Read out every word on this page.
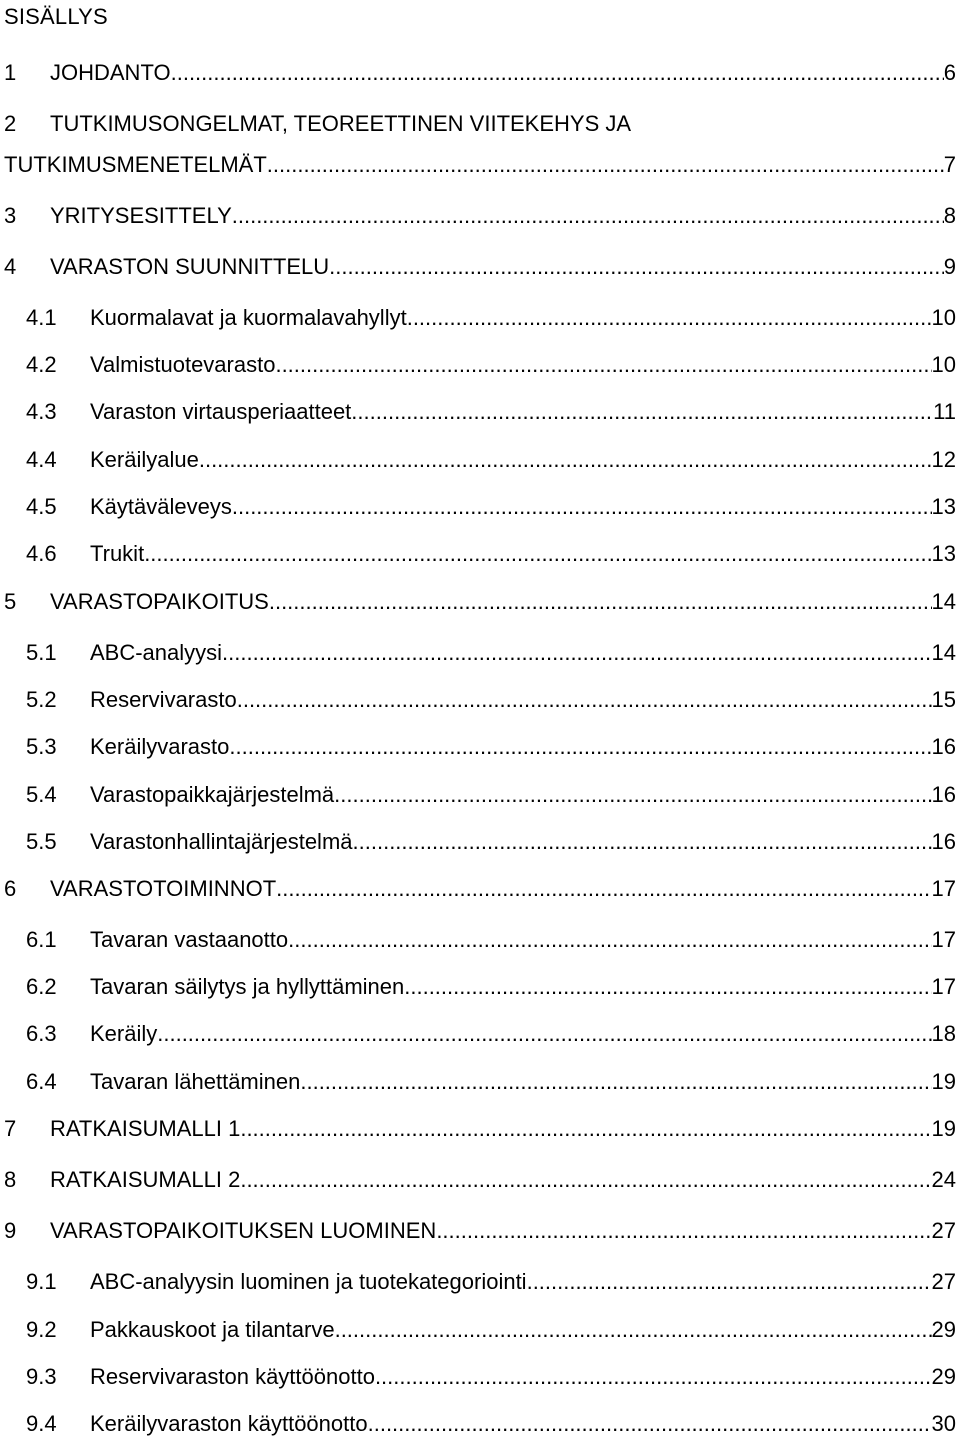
SISÄLLYS
1 JOHDANTO .....	6
2 TUTKIMUSONGELMAT, TEOREETTINEN VIITEKEHYS JA
TUTKIMUSMENETELMÄT .....	7
3 YRITYSESITTELY .....	8
4 VARASTON SUUNNITTELU .....	9
4.1 Kuormalavat ja kuormalavahyllyt .....	10
4.2 Valmistuotevarasto .....	10
4.3 Varaston virtausperiaatteet .....	11
4.4 Keräilyalue .....	12
4.5 Käytäväleveys .....	13
4.6 Trukit .....	13
5 VARASTOPAIKOITUS .....	14
5.1 ABC-analyysi .....	14
5.2 Reservivarasto .....	15
5.3 Keräilyvarasto .....	16
5.4 Varastopaikkajärjestelmä .....	16
5.5 Varastonhallintajärjestelmä .....	16
6 VARASTOTOIMINNOT .....	17
6.1 Tavaran vastaanotto .....	17
6.2 Tavaran säilytys ja hyllyttäminen .....	17
6.3 Keräily .....	18
6.4 Tavaran lähettäminen .....	19
7 RATKAISUMALLI 1 .....	19
8 RATKAISUMALLI 2 .....	24
9 VARASTOPAIKOITUKSEN LUOMINEN .....	27
9.1 ABC-analyysin luominen ja tuotekategoriointi .....	27
9.2 Pakkauskoot ja tilantarve .....	29
9.3 Reservivaraston käyttöönotto .....	29
9.4 Keräilyvaraston käyttöönotto .....	30
